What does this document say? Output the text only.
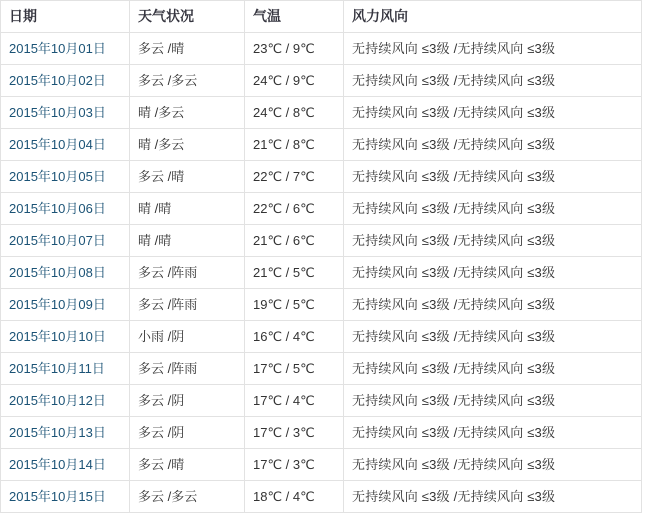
日期	天气状况	气温	风力风向
2015年10月01日	多云 /晴	23℃ / 9℃	无持续风向 ≤3级 /无持续风向 ≤3级
2015年10月02日	多云 /多云	24℃ / 9℃	无持续风向 ≤3级 /无持续风向 ≤3级
2015年10月03日	晴 /多云	24℃ / 8℃	无持续风向 ≤3级 /无持续风向 ≤3级
2015年10月04日	晴 /多云	21℃ / 8℃	无持续风向 ≤3级 /无持续风向 ≤3级
2015年10月05日	多云 /晴	22℃ / 7℃	无持续风向 ≤3级 /无持续风向 ≤3级
2015年10月06日	晴 /晴	22℃ / 6℃	无持续风向 ≤3级 /无持续风向 ≤3级
2015年10月07日	晴 /晴	21℃ / 6℃	无持续风向 ≤3级 /无持续风向 ≤3级
2015年10月08日	多云 /阵雨	21℃ / 5℃	无持续风向 ≤3级 /无持续风向 ≤3级
2015年10月09日	多云 /阵雨	19℃ / 5℃	无持续风向 ≤3级 /无持续风向 ≤3级
2015年10月10日	小雨 /阴	16℃ / 4℃	无持续风向 ≤3级 /无持续风向 ≤3级
2015年10月11日	多云 /阵雨	17℃ / 5℃	无持续风向 ≤3级 /无持续风向 ≤3级
2015年10月12日	多云 /阴	17℃ / 4℃	无持续风向 ≤3级 /无持续风向 ≤3级
2015年10月13日	多云 /阴	17℃ / 3℃	无持续风向 ≤3级 /无持续风向 ≤3级
2015年10月14日	多云 /晴	17℃ / 3℃	无持续风向 ≤3级 /无持续风向 ≤3级
2015年10月15日	多云 /多云	18℃ / 4℃	无持续风向 ≤3级 /无持续风向 ≤3级
